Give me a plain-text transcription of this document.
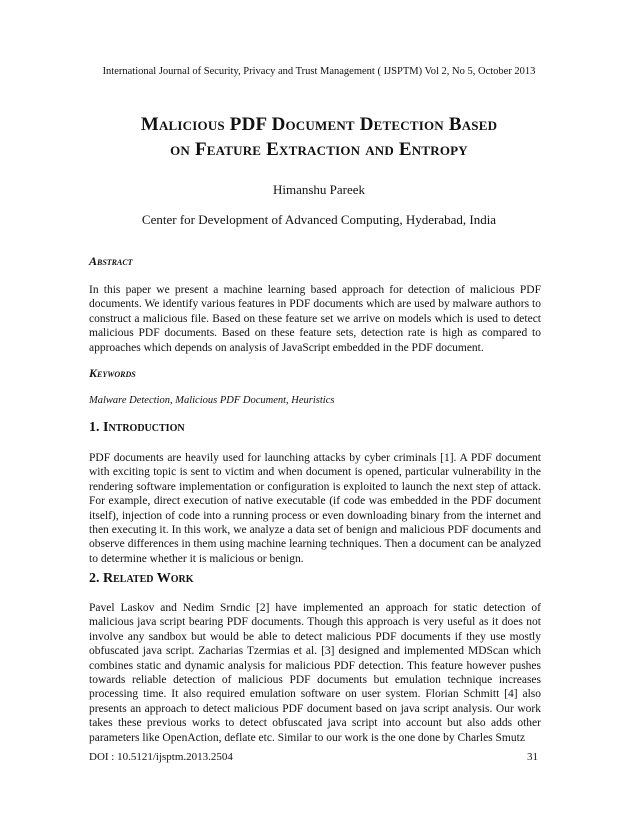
International Journal of Security, Privacy and Trust Management ( IJSPTM) Vol 2, No 5, October 2013
Malicious PDF Document Detection Based
on Feature Extraction and Entropy
Himanshu Pareek
Center for Development of Advanced Computing, Hyderabad, India
Abstract
In this paper we present a machine learning based approach for detection of malicious PDF documents. We identify various features in PDF documents which are used by malware authors to construct a malicious file. Based on these feature set we arrive on models which is used to detect malicious PDF documents. Based on these feature sets, detection rate is high as compared to approaches which depends on analysis of JavaScript embedded in the PDF document.
Keywords
Malware Detection, Malicious PDF Document, Heuristics
1. Introduction
PDF documents are heavily used for launching attacks by cyber criminals [1]. A PDF document with exciting topic is sent to victim and when document is opened, particular vulnerability in the rendering software implementation or configuration is exploited to launch the next step of attack. For example, direct execution of native executable (if code was embedded in the PDF document itself), injection of code into a running process or even downloading binary from the internet and then executing it. In this work, we analyze a data set of benign and malicious PDF documents and observe differences in them using machine learning techniques. Then a document can be analyzed to determine whether it is malicious or benign.
2. Related Work
Pavel Laskov and Nedim Srndic [2] have implemented an approach for static detection of malicious java script bearing PDF documents. Though this approach is very useful as it does not involve any sandbox but would be able to detect malicious PDF documents if they use mostly obfuscated java script. Zacharias Tzermias et al. [3] designed and implemented MDScan which combines static and dynamic analysis for malicious PDF detection. This feature however pushes towards reliable detection of malicious PDF documents but emulation technique increases processing time. It also required emulation software on user system. Florian Schmitt [4] also presents an approach to detect malicious PDF document based on java script analysis. Our work takes these previous works to detect obfuscated java script into account but also adds other parameters like OpenAction, deflate etc. Similar to our work is the one done by Charles Smutz
DOI : 10.5121/ijsptm.2013.2504	31
